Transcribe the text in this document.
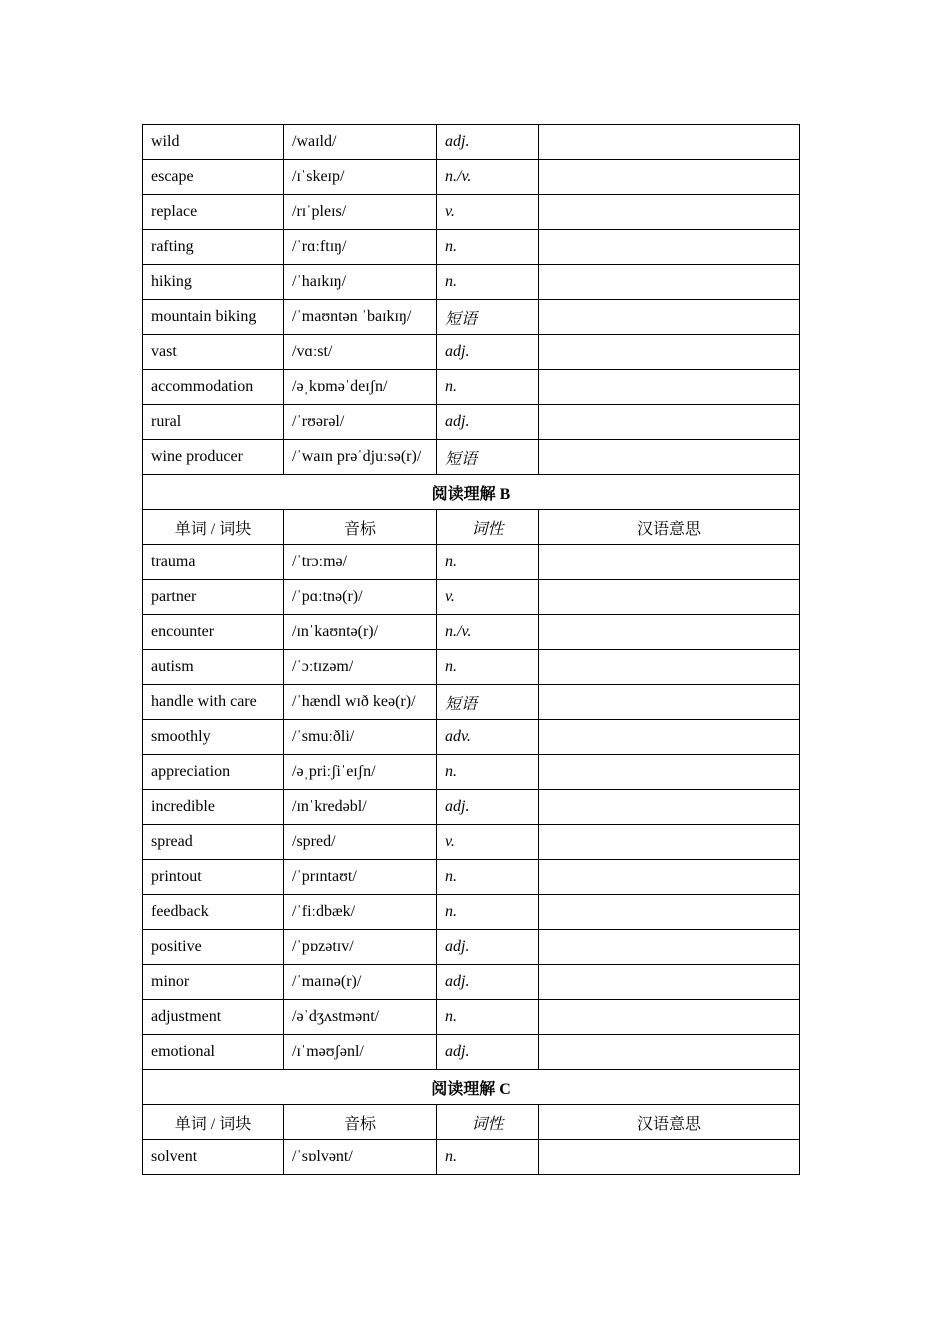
wild	/waɪld/	adj.	
escape	/ɪˈskeɪp/	n./v.	
replace	/rɪˈpleɪs/	v.	
rafting	/ˈrɑːftɪŋ/	n.	
hiking	/ˈhaɪkɪŋ/	n.	
mountain biking	/ˈmaʊntən ˈbaɪkɪŋ/	短语	
vast	/vɑːst/	adj.	
accommodation	/əˌkɒməˈdeɪʃn/	n.	
rural	/ˈrʊərəl/	adj.	
wine producer	/ˈwaɪn prəˈdjuːsə(r)/	短语	
阅读理解 B			
单词 / 词块	音标	词性	汉语意思
trauma	/ˈtrɔːmə/	n.	
partner	/ˈpɑːtnə(r)/	v.	
encounter	/ɪnˈkaʊntə(r)/	n./v.	
autism	/ˈɔːtɪzəm/	n.	
handle with care	/ˈhændl wɪð keə(r)/	短语	
smoothly	/ˈsmuːðli/	adv.	
appreciation	/əˌpriːʃiˈeɪʃn/	n.	
incredible	/ɪnˈkredəbl/	adj.	
spread	/spred/	v.	
printout	/ˈprɪntaʊt/	n.	
feedback	/ˈfiːdbæk/	n.	
positive	/ˈpɒzətɪv/	adj.	
minor	/ˈmaɪnə(r)/	adj.	
adjustment	/əˈdʒʌstmənt/	n.	
emotional	/ɪˈməʊʃənl/	adj.	
阅读理解 C			
单词 / 词块	音标	词性	汉语意思
solvent	/ˈsɒlvənt/	n.	
